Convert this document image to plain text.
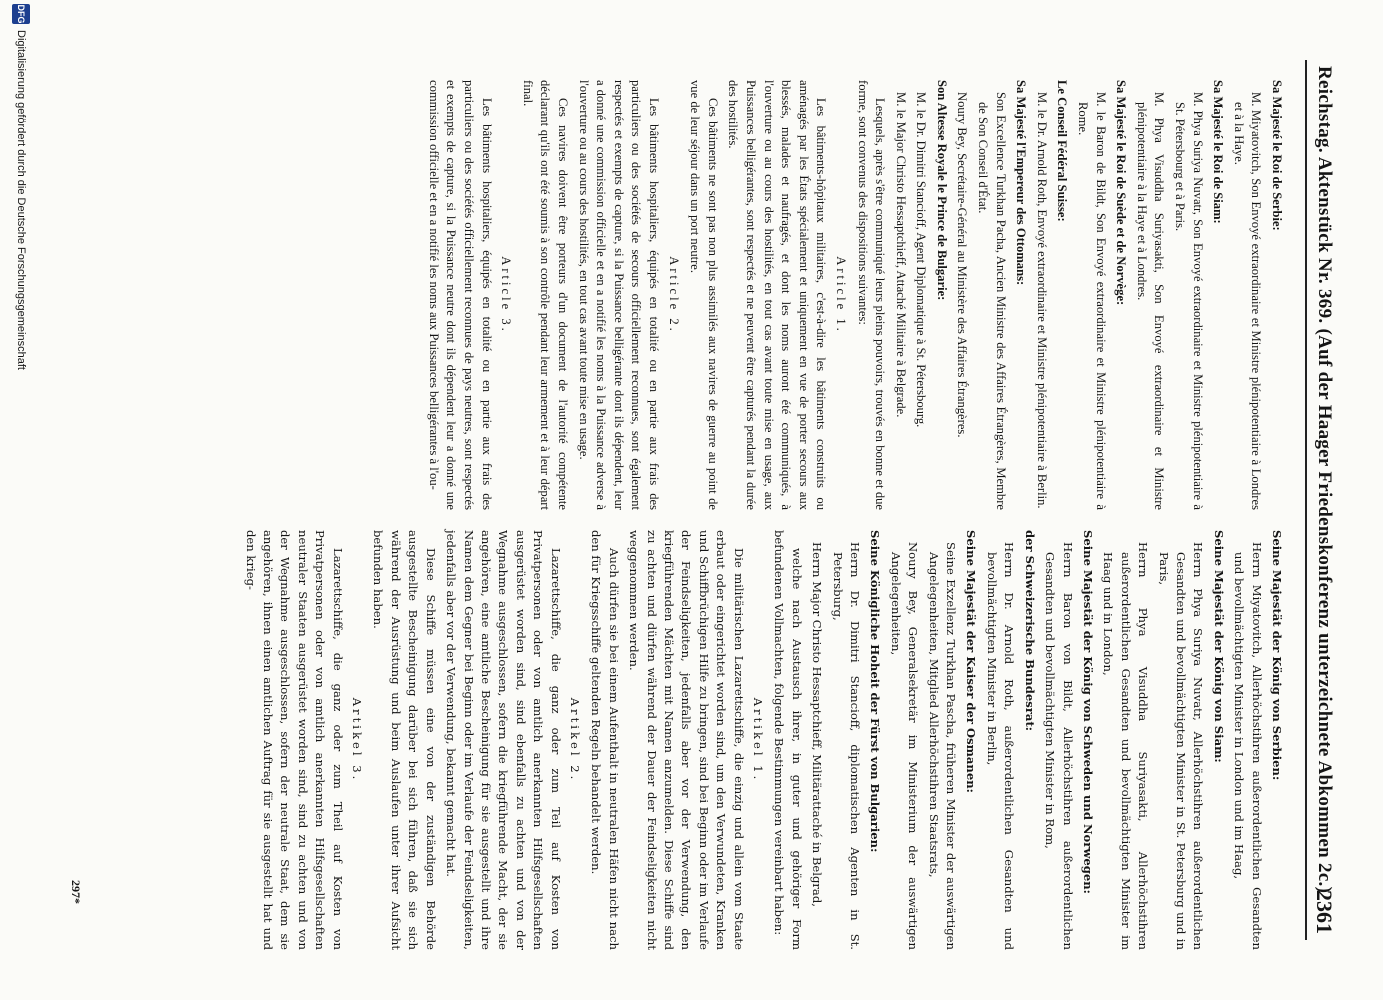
Reichstag. Aktenstück Nr. 369. (Auf der Haager Friedenskonferenz unterzeichnete Abkommen 2c.)
2361

Sa Majesté le Roi de Serbie:

M. Miyatovitch, Son Envoyé extraordinaire et Ministre plénipotentiaire à Londres et à la Haye.

Sa Majesté le Roi de Siam:

M. Phya Suriya Nuvatr, Son Envoyé extraordinaire et Ministre plénipotentiaire à St. Pétersbourg et à Paris.

M. Phya Visuddha Suriyasakti, Son Envoyé extraordinaire et Ministre plénipotentiaire à la Haye et à Londres.

Sa Majesté le Roi de Suède et de Norvège:

M. le Baron de Bildt, Son Envoyé extraordinaire et Ministre plénipotentiaire à Rome.

Le Conseil Fédéral Suisse:

M. le Dr. Arnold Roth, Envoyé extraordinaire et Ministre plénipotentiaire à Berlin.

Sa Majesté l'Empereur des Ottomans:

Son Excellence Turkhan Pacha, Ancien Ministre des Affaires Étrangères, Membre de Son Conseil d'État.

Noury Bey, Secrétaire-Général au Ministère des Affaires Étrangères.

Son Altesse Royale le Prince de Bulgarie:

M. le Dr. Dimitri Stancioff, Agent Diplomatique à St. Pétersbourg.

M. le Major Christo Hessaptchieff, Attaché Militaire à Belgrade.

Lesquels, après s'être communiqué leurs pleins pouvoirs, trouvés en bonne et due forme, sont convenus des dispositions suivantes:

Article 1.

Les bâtiments-hôpitaux militaires, c'est-à-dire les bâtiments construits ou aménagés par les États spécialement et uniquement en vue de porter secours aux blessés, malades et naufragés, et dont les noms auront été communiqués, à l'ouverture ou au cours des hostilités, en tout cas avant toute mise en usage, aux Puissances belligérantes, sont respectés et ne peuvent être capturés pendant la durée des hostilités.

Ces bâtiments ne sont pas non plus assimilés aux navires de guerre au point de vue de leur séjour dans un port neutre.

Article 2.

Les bâtiments hospitaliers, équipés en totalité ou en partie aux frais des particuliers ou des sociétés de secours officiellement reconnues, sont également respectés et exempts de capture, si la Puissance belligérante dont ils dépendent, leur a donné une commission officielle et en a notifié les noms à la Puissance adverse à l'ouverture ou au cours des hostilités, en tout cas avant toute mise en usage.

Ces navires doivent être porteurs d'un document de l'autorité compétente déclarant qu'ils ont été soumis à son contrôle pendant leur armement et à leur départ final.

Article 3.

Les bâtiments hospitaliers, équipés en totalité ou en partie aux frais des particuliers ou des sociétés officiellement reconnues de pays neutres, sont respectés et exempts de capture, si la Puissance neutre dont ils dépendent leur a donné une commission officielle et en a notifié les noms aux Puissances belligérantes à l'ou-

Seine Majestät der König von Serbien:

Herrn Miyatovitch, Allerhöchstihren außerordentlichen Gesandten und bevollmächtigten Minister in London und im Haag,

Seine Majestät der König von Siam:

Herrn Phya Suriya Nuvatr, Allerhöchstihren außerordentlichen Gesandten und bevollmächtigten Minister in St. Petersburg und in Paris,

Herrn Phya Visuddha Suriyasakti, Allerhöchstihren außerordentlichen Gesandten und bevollmächtigten Minister im Haag und in London,

Seine Majestät der König von Schweden und Norwegen:

Herrn Baron von Bildt, Allerhöchstihren außerordentlichen Gesandten und bevollmächtigten Minister in Rom,

der Schweizerische Bundesrat:

Herrn Dr. Arnold Roth, außerordentlichen Gesandten und bevollmächtigten Minister in Berlin,

Seine Majestät der Kaiser der Osmanen:

Seine Exzellenz Turkhan Pascha, früheren Minister der auswärtigen Angelegenheiten, Mitglied Allerhöchstihren Staatsrats,

Noury Bey, Generalsekretär im Ministerium der auswärtigen Angelegenheiten,

Seine Königliche Hoheit der Fürst von Bulgarien:

Herrn Dr. Dimitri Stancioff, diplomatischen Agenten in St. Petersburg,

Herrn Major Christo Hessaptchieff, Militärattaché in Belgrad,

welche nach Austausch ihrer, in guter und gehöriger Form befundenen Vollmachten, folgende Bestimmungen vereinbart haben:

Artikel 1.

Die militärischen Lazarettschiffe, die einzig und allein vom Staate erbaut oder eingerichtet worden sind, um den Verwundeten, Kranken und Schiffbrüchigen Hilfe zu bringen, sind bei Beginn oder im Verlaufe der Feindseligkeiten, jedenfalls aber vor der Verwendung, den kriegführenden Mächten mit Namen anzumelden. Diese Schiffe sind zu achten und dürfen während der Dauer der Feindseligkeiten nicht weggenommen werden.

Auch dürfen sie bei einem Aufenthalt in neutralen Häfen nicht nach den für Kriegsschiffe geltenden Regeln behandelt werden.

Artikel 2.

Lazarettschiffe, die ganz oder zum Teil auf Kosten von Privatpersonen oder von amtlich anerkannten Hilfsgesellschaften ausgerüstet worden sind, sind ebenfalls zu achten und von der Wegnahme ausgeschlossen, sofern die kriegführende Macht, der sie angehören, eine amtliche Bescheinigung für sie ausgestellt und ihre Namen dem Gegner bei Beginn oder im Verlaufe der Feindseligkeiten, jedenfalls aber vor der Verwendung, bekannt gemacht hat.

Diese Schiffe müssen eine von der zuständigen Behörde ausgestellte Bescheinigung darüber bei sich führen, daß sie sich während der Ausrüstung und beim Auslaufen unter ihrer Aufsicht befunden haben.

Artikel 3.

Lazarettschiffe, die ganz oder zum Theil auf Kosten von Privatpersonen oder von amtlich anerkannten Hilfsgesellschaften neutraler Staaten ausgerüstet worden sind, sind zu achten und von der Wegnahme ausgeschlossen, sofern der neutrale Staat, dem sie angehören, ihnen einen amtlichen Auftrag für sie ausgestellt hat und den krieg-

297*
DFG
Digitalisierung gefördert durch die Deutsche Forschungsgemeinschaft
